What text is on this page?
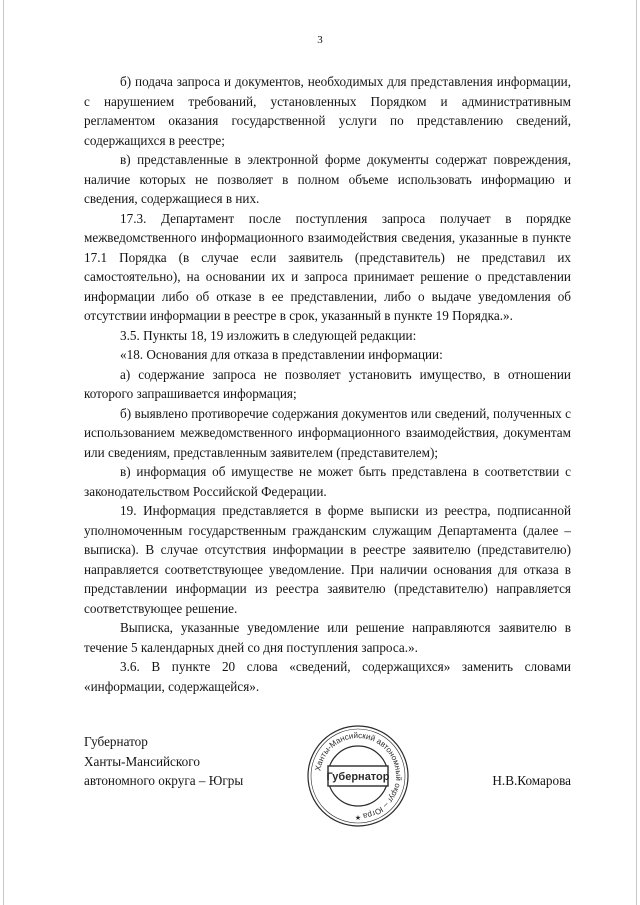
3

б) подача запроса и документов, необходимых для представления информации, с нарушением требований, установленных Порядком и административным регламентом оказания государственной услуги по представлению сведений, содержащихся в реестре;

в) представленные в электронной форме документы содержат повреждения, наличие которых не позволяет в полном объеме использовать информацию и сведения, содержащиеся в них.

17.3. Департамент после поступления запроса получает в порядке межведомственного информационного взаимодействия сведения, указанные в пункте 17.1 Порядка (в случае если заявитель (представитель) не представил их самостоятельно), на основании их и запроса принимает решение о представлении информации либо об отказе в ее представлении, либо о выдаче уведомления об отсутствии информации в реестре в срок, указанный в пункте 19 Порядка.».

3.5. Пункты 18, 19 изложить в следующей редакции:

«18. Основания для отказа в представлении информации:

а) содержание запроса не позволяет установить имущество, в отношении которого запрашивается информация;

б) выявлено противоречие содержания документов или сведений, полученных с использованием межведомственного информационного взаимодействия, документам или сведениям, представленным заявителем (представителем);

в) информация об имуществе не может быть представлена в соответствии с законодательством Российской Федерации.

19. Информация представляется в форме выписки из реестра, подписанной уполномоченным государственным гражданским служащим Департамента (далее – выписка). В случае отсутствия информации в реестре заявителю (представителю) направляется соответствующее уведомление. При наличии основания для отказа в представлении информации из реестра заявителю (представителю) направляется соответствующее решение.

Выписка, указанные уведомление или решение направляются заявителю в течение 5 календарных дней со дня поступления запроса.».

3.6. В пункте 20 слова «сведений, содержащихся» заменить словами «информации, содержащейся».

Губернатор
Ханты-Мансийского
автономного округа – Югры
Ханты-Мансийский автономный округ – Югра
Губернатор
★
Н.В.Комарова
